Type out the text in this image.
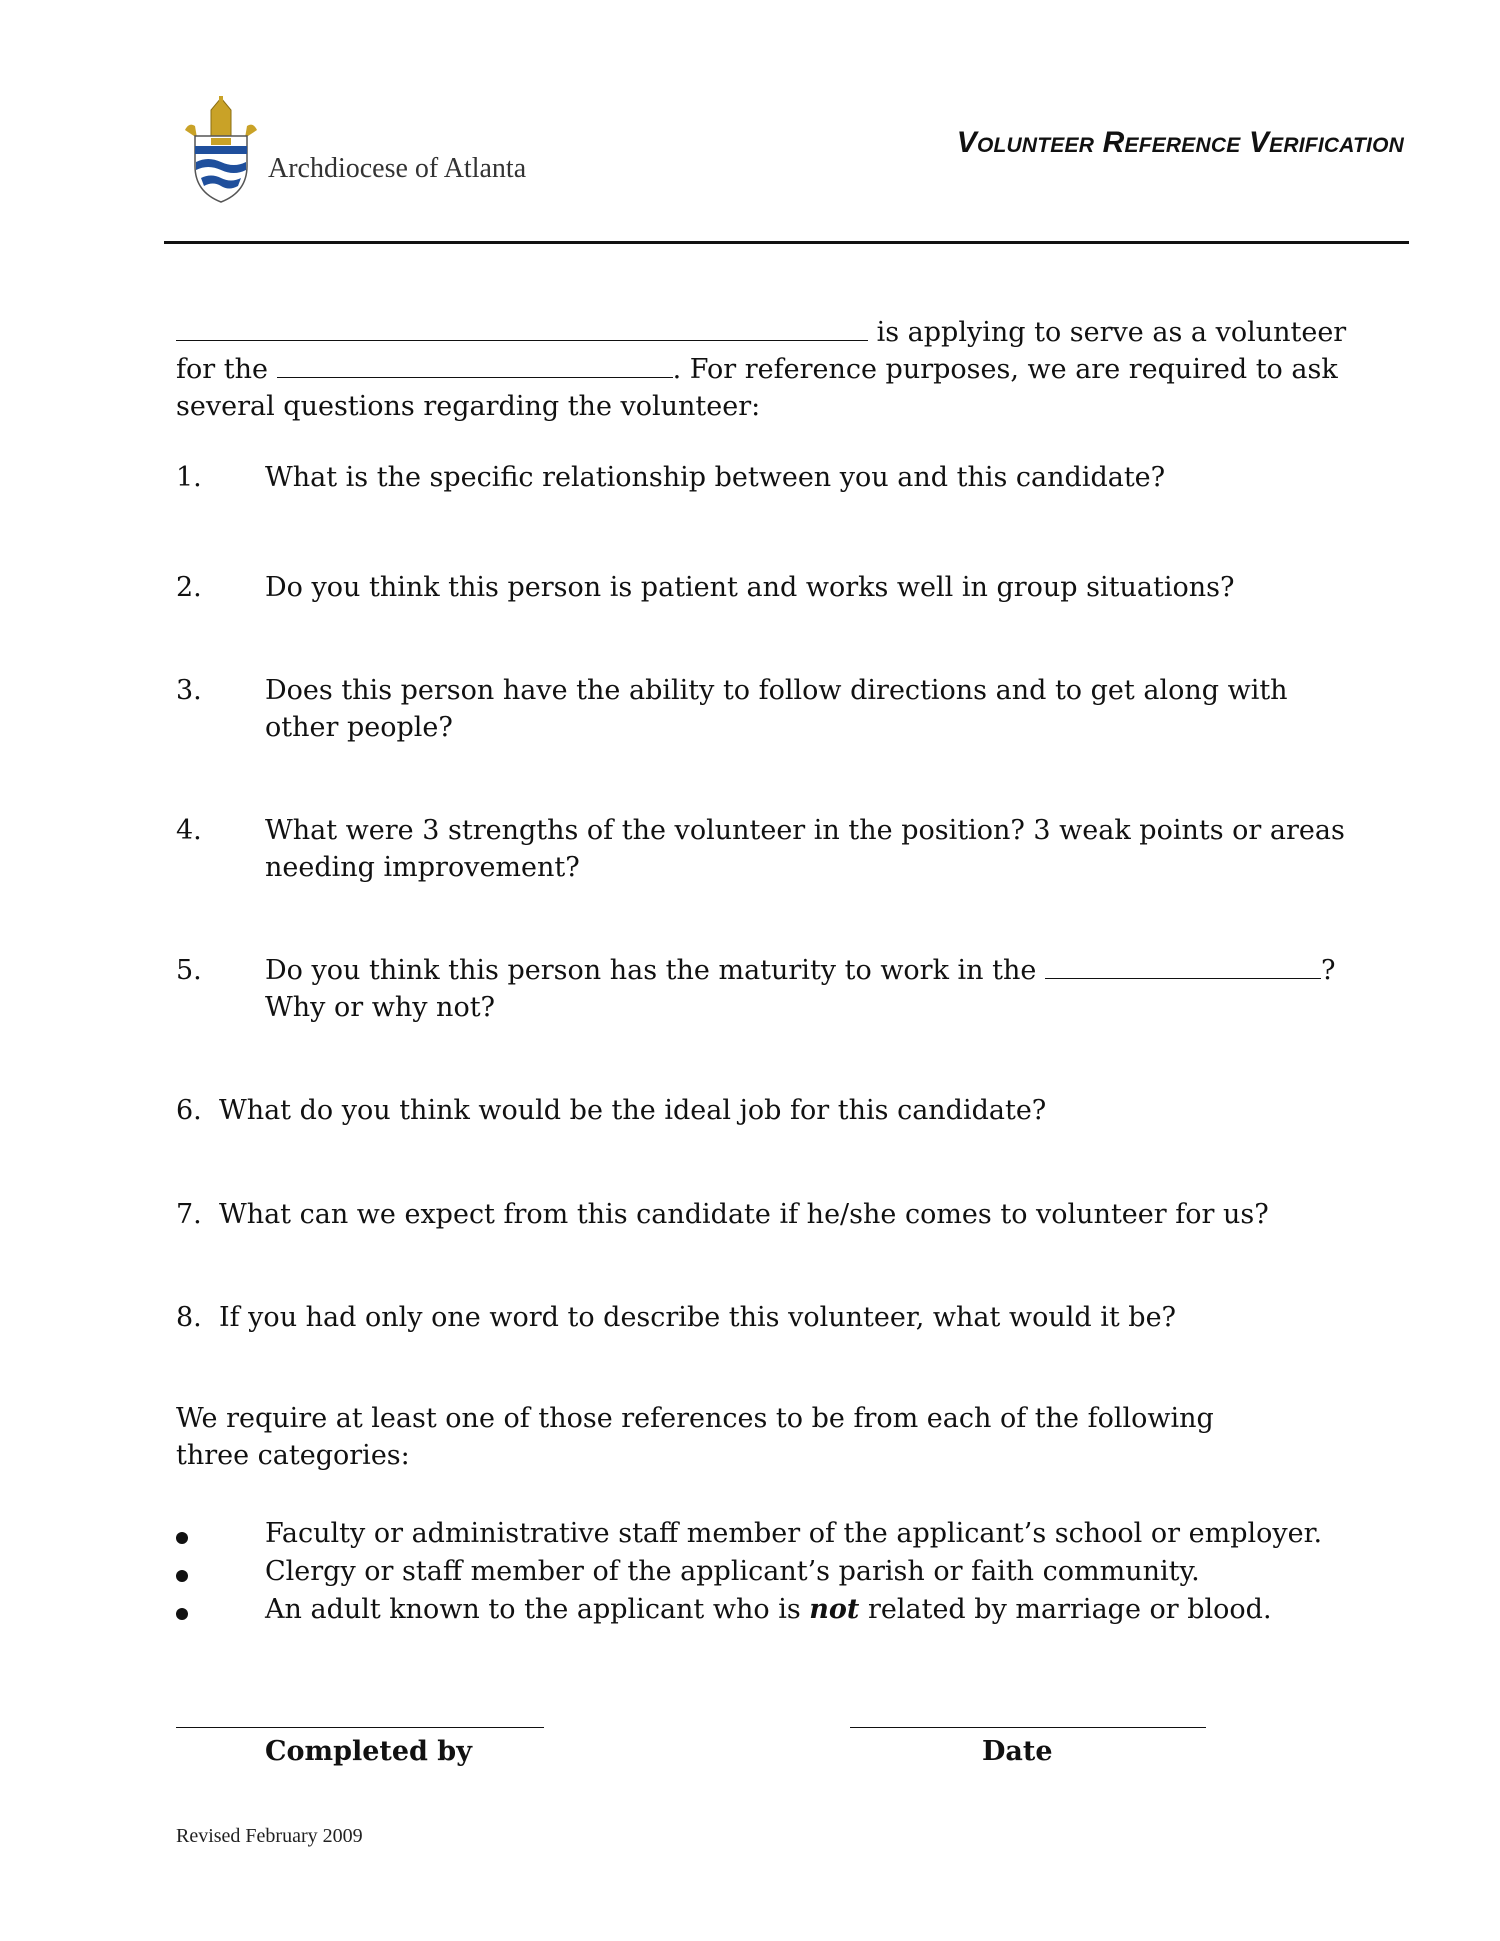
Archdiocese of Atlanta
Volunteer Reference Verification
is applying to serve as a volunteer
for the	. For reference purposes, we are required to ask
several questions regarding the volunteer:
1. What is the specific relationship between you and this candidate?
2. Do you think this person is patient and works well in group situations?
3. Does this person have the ability to follow directions and to get along with other people?
4. What were 3 strengths of the volunteer in the position? 3 weak points or areas needing improvement?
5. Do you think this person has the maturity to work in the	?
Why or why not?
6. What do you think would be the ideal job for this candidate?
7. What can we expect from this candidate if he/she comes to volunteer for us?
8. If you had only one word to describe this volunteer, what would it be?
We require at least one of those references to be from each of the following three categories:
Faculty or administrative staff member of the applicant’s school or employer.
Clergy or staff member of the applicant’s parish or faith community.
An adult known to the applicant who is not related by marriage or blood.
Completed by	Date
Revised February 2009
